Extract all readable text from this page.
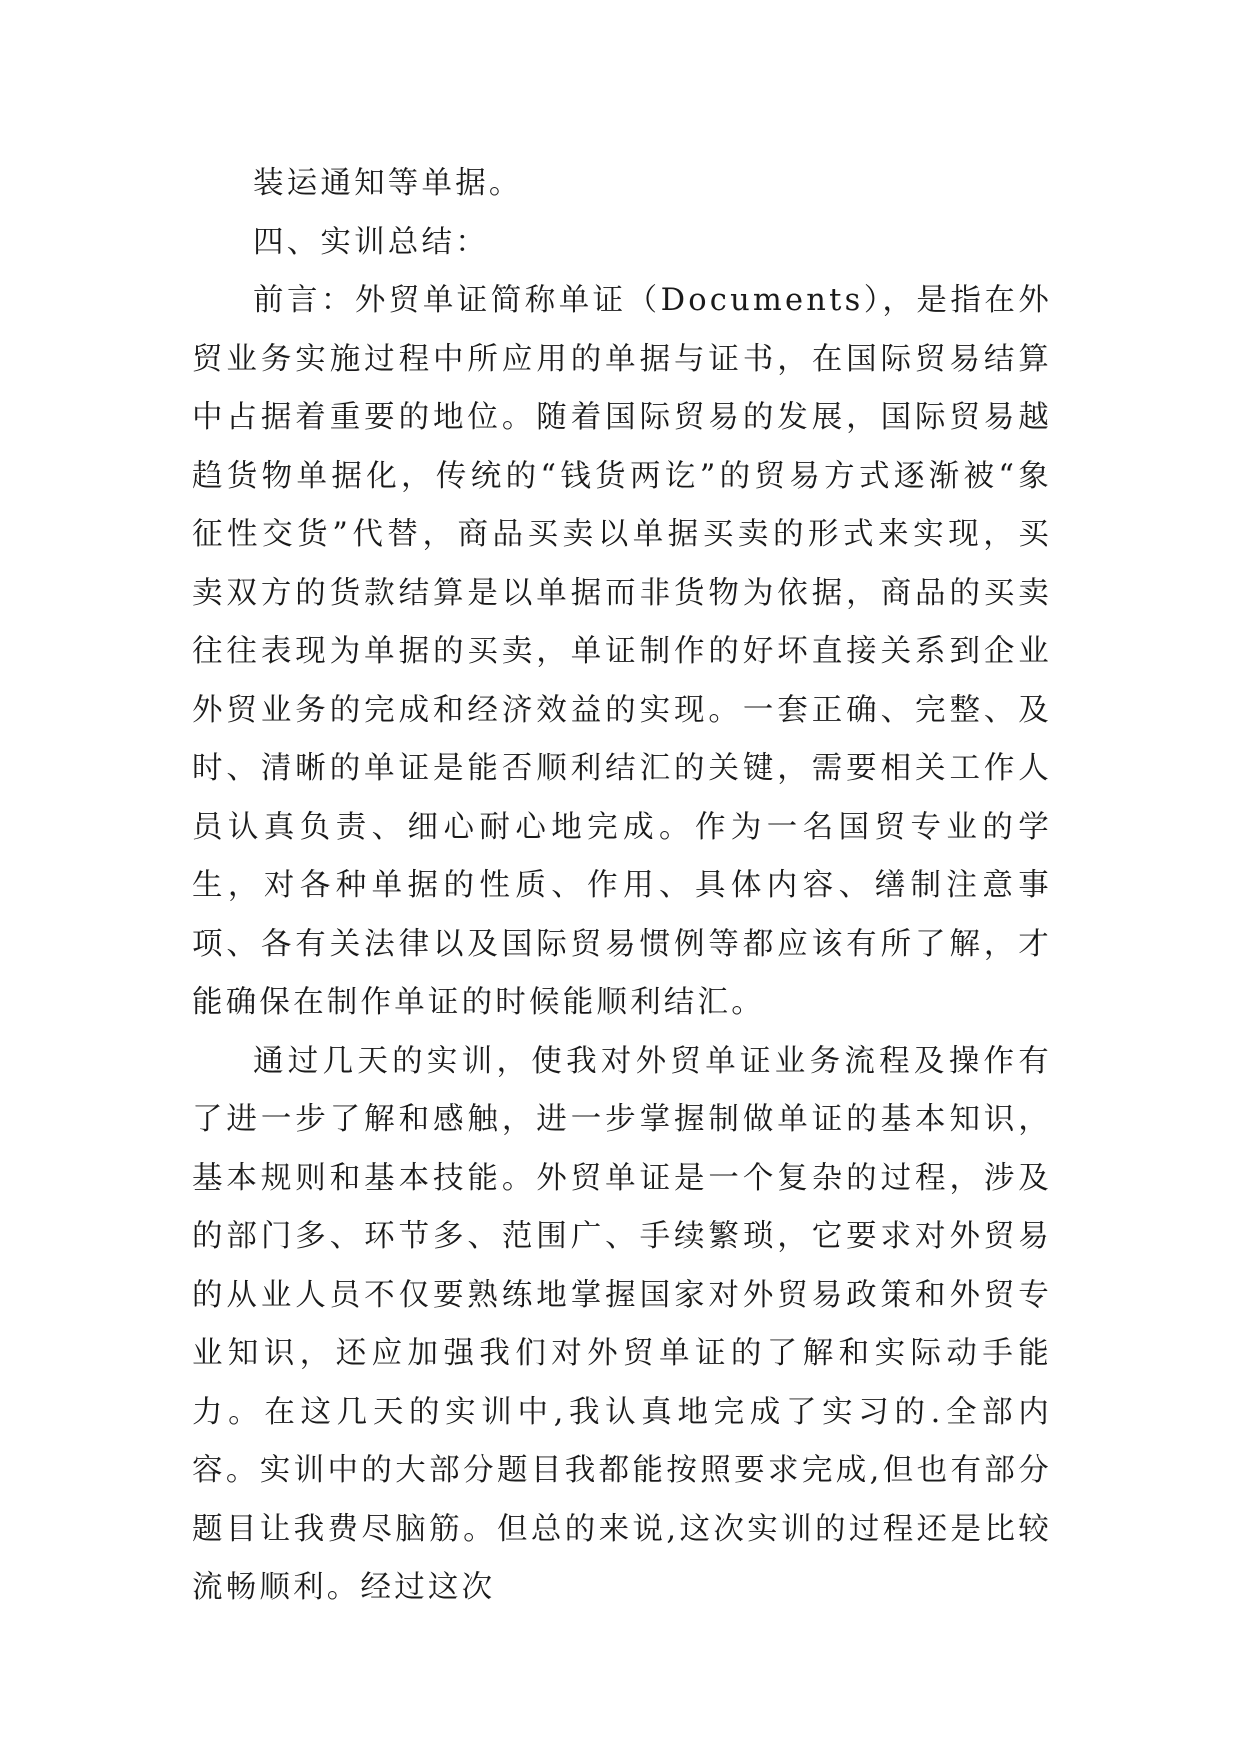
装运通知等单据。

四、实训总结：

前言：外贸单证简称单证（Documents），是指在外贸业务实施过程中所应用的单据与证书，在国际贸易结算中占据着重要的地位。随着国际贸易的发展，国际贸易越趋货物单据化，传统的“钱货两讫”的贸易方式逐渐被“象征性交货”代替，商品买卖以单据买卖的形式来实现，买卖双方的货款结算是以单据而非货物为依据，商品的买卖往往表现为单据的买卖，单证制作的好坏直接关系到企业外贸业务的完成和经济效益的实现。一套正确、完整、及时、清晰的单证是能否顺利结汇的关键，需要相关工作人员认真负责、细心耐心地完成。作为一名国贸专业的学生，对各种单据的性质、作用、具体内容、缮制注意事项、各有关法律以及国际贸易惯例等都应该有所了解，才能确保在制作单证的时候能顺利结汇。

通过几天的实训，使我对外贸单证业务流程及操作有了进一步了解和感触，进一步掌握制做单证的基本知识，基本规则和基本技能。外贸单证是一个复杂的过程，涉及的部门多、环节多、范围广、手续繁琐，它要求对外贸易的从业人员不仅要熟练地掌握国家对外贸易政策和外贸专业知识，还应加强我们对外贸单证的了解和实际动手能力。在这几天的实训中,我认真地完成了实习的.全部内容。实训中的大部分题目我都能按照要求完成,但也有部分题目让我费尽脑筋。但总的来说,这次实训的过程还是比较流畅顺利。经过这次
